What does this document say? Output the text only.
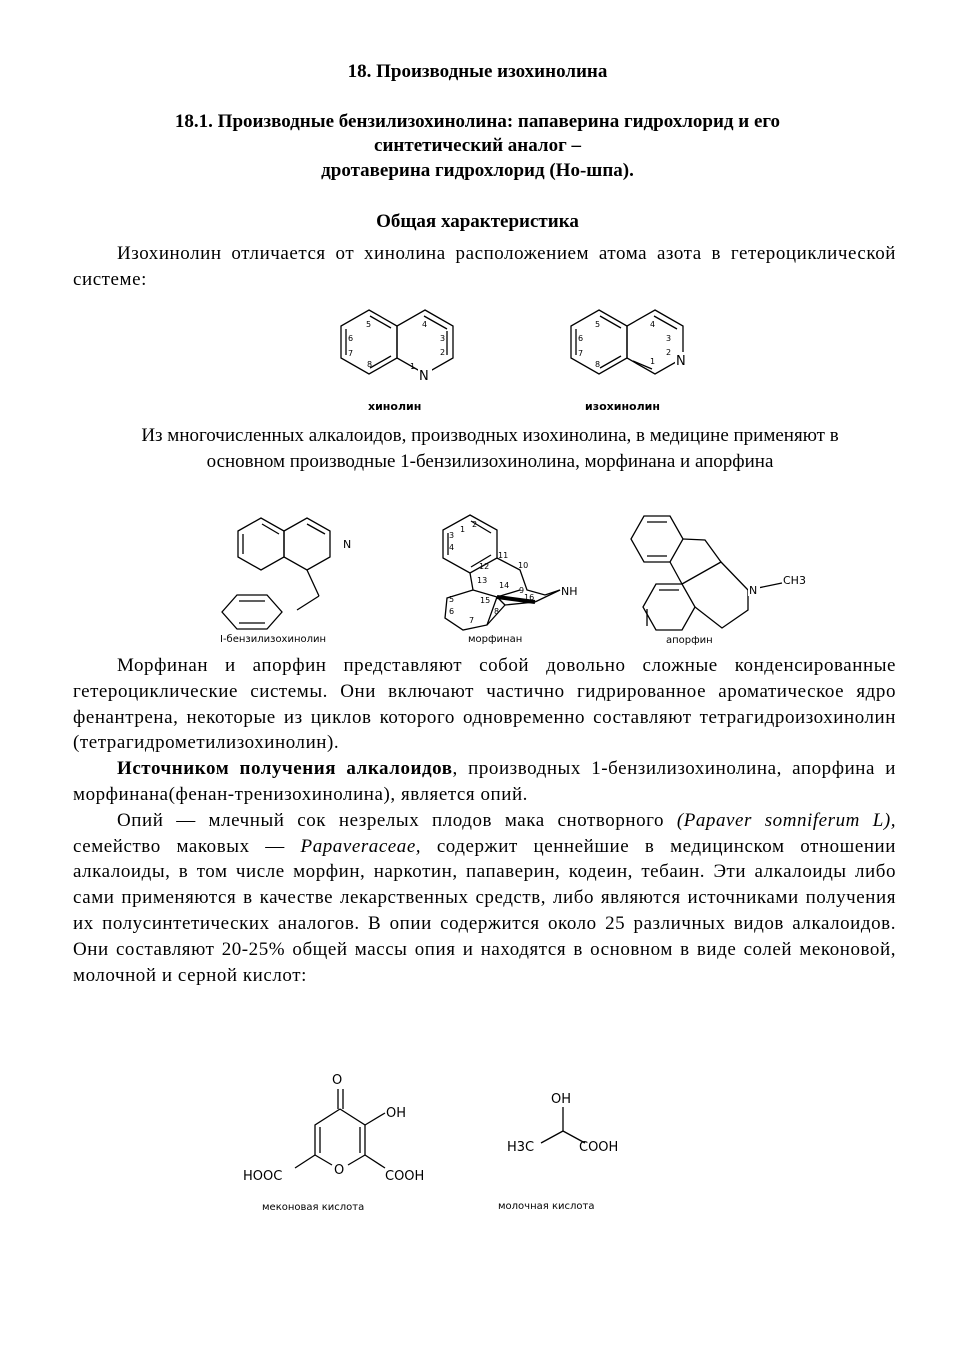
18. Производные изохинолина
18.1. Производные бензилизохинолина: папаверина гидрохлорид и его
синтетический аналог –
дротаверина гидрохлорид (Но-шпа).
Общая характеристика

Изохинолин отличается от хинолина расположением атома азота в гетероциклической системе:

N
N
1
2
3
4
5
6
7
8	1
2
3
4
5
6
7
8
хинолин	изохинолин
Из многочисленных алкалоидов, производных изохинолина, в медицине применяют в основном производные 1-бензилизохинолина, морфинана и апорфина
N
NH	N
CH3
1
2
3
4
5
6
7
8
9
10
11
12
13
14
15	16
I-бензилизохинолин	морфинан	апорфин

Морфинан и апорфин представляют собой довольно сложные конденсированные гетероциклические системы. Они включают частично гидрированное ароматическое ядро фенантрена, некоторые из циклов которого одновременно составляют тетрагидроизохинолин (тетрагидрометилизохинолин).

Источником получения алкалоидов, производных 1-бензилизохинолина, апорфина и морфинана(фенан-тренизохинолина), является опий.

Опий — млечный сок незрелых плодов мака снотворного (Papaver somniferum L), семейство маковых — Papaveraceae, содержит ценнейшие в медицинском отношении алкалоиды, в том числе морфин, наркотин, папаверин, кодеин, тебаин. Эти алкалоиды либо сами применяются в качестве лекарственных средств, либо являются источниками получения их полусинтетических аналогов. В опии содержится около 25 различных видов алкалоидов. Они составляют 20-25% общей массы опия и находятся в основном в виде солей меконовой, молочной и серной кислот:

O
OH
O
HOOC	COOH
OH
H3C	COOH
меконовая кислота	молочная кислота
